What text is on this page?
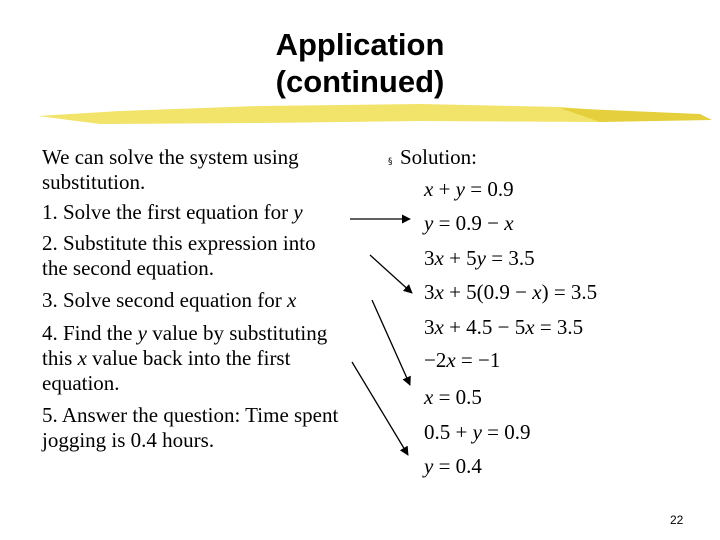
Application
(continued)
We can solve the system using
substitution.
1. Solve the first equation for y
2. Substitute this expression into
the second equation.
3. Solve second equation for x
4. Find the y value by substituting
this x value back into the first
equation.
5. Answer the question: Time spent
jogging is 0.4 hours.
§ Solution:
x + y = 0.9
y = 0.9 − x
3x + 5y = 3.5
3x + 5(0.9 − x) = 3.5
3x + 4.5 − 5x = 3.5
−2x = −1
x = 0.5
0.5 + y = 0.9
y = 0.4
22
